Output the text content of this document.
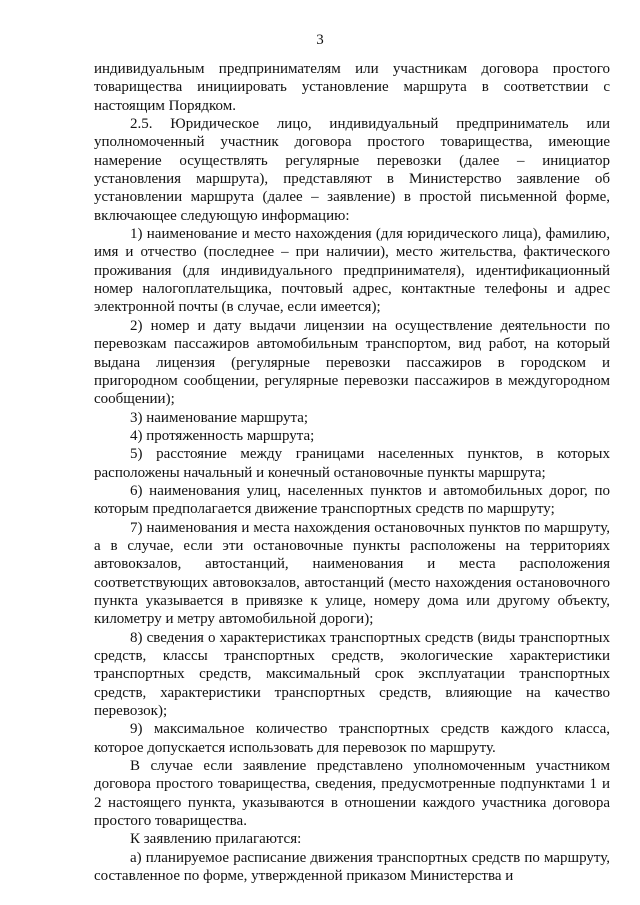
3

индивидуальным предпринимателям или участникам договора простого товарищества инициировать установление маршрута в соответствии с настоящим Порядком.

2.5. Юридическое лицо, индивидуальный предприниматель или уполномоченный участник договора простого товарищества, имеющие намерение осуществлять регулярные перевозки (далее – инициатор установления маршрута), представляют в Министерство заявление об установлении маршрута (далее – заявление) в простой письменной форме, включающее следующую информацию:

1) наименование и место нахождения (для юридического лица), фамилию, имя и отчество (последнее – при наличии), место жительства, фактического проживания (для индивидуального предпринимателя), идентификационный номер налогоплательщика, почтовый адрес, контактные телефоны и адрес электронной почты (в случае, если имеется);

2) номер и дату выдачи лицензии на осуществление деятельности по перевозкам пассажиров автомобильным транспортом, вид работ, на который выдана лицензия (регулярные перевозки пассажиров в городском и пригородном сообщении, регулярные перевозки пассажиров в междугородном сообщении);

3) наименование маршрута;

4) протяженность маршрута;

5) расстояние между границами населенных пунктов, в которых расположены начальный и конечный остановочные пункты маршрута;

6) наименования улиц, населенных пунктов и автомобильных дорог, по которым предполагается движение транспортных средств по маршруту;

7) наименования и места нахождения остановочных пунктов по маршруту, а в случае, если эти остановочные пункты расположены на территориях автовокзалов, автостанций, наименования и места расположения соответствующих автовокзалов, автостанций (место нахождения остановочного пункта указывается в привязке к улице, номеру дома или другому объекту, километру и метру автомобильной дороги);

8) сведения о характеристиках транспортных средств (виды транспортных средств, классы транспортных средств, экологические характеристики транспортных средств, максимальный срок эксплуатации транспортных средств, характеристики транспортных средств, влияющие на качество перевозок);

9) максимальное количество транспортных средств каждого класса, которое допускается использовать для перевозок по маршруту.

В случае если заявление представлено уполномоченным участником договора простого товарищества, сведения, предусмотренные подпунктами 1 и 2 настоящего пункта, указываются в отношении каждого участника договора простого товарищества.

К заявлению прилагаются:

а) планируемое расписание движения транспортных средств по маршруту, составленное по форме, утвержденной приказом Министерства и
